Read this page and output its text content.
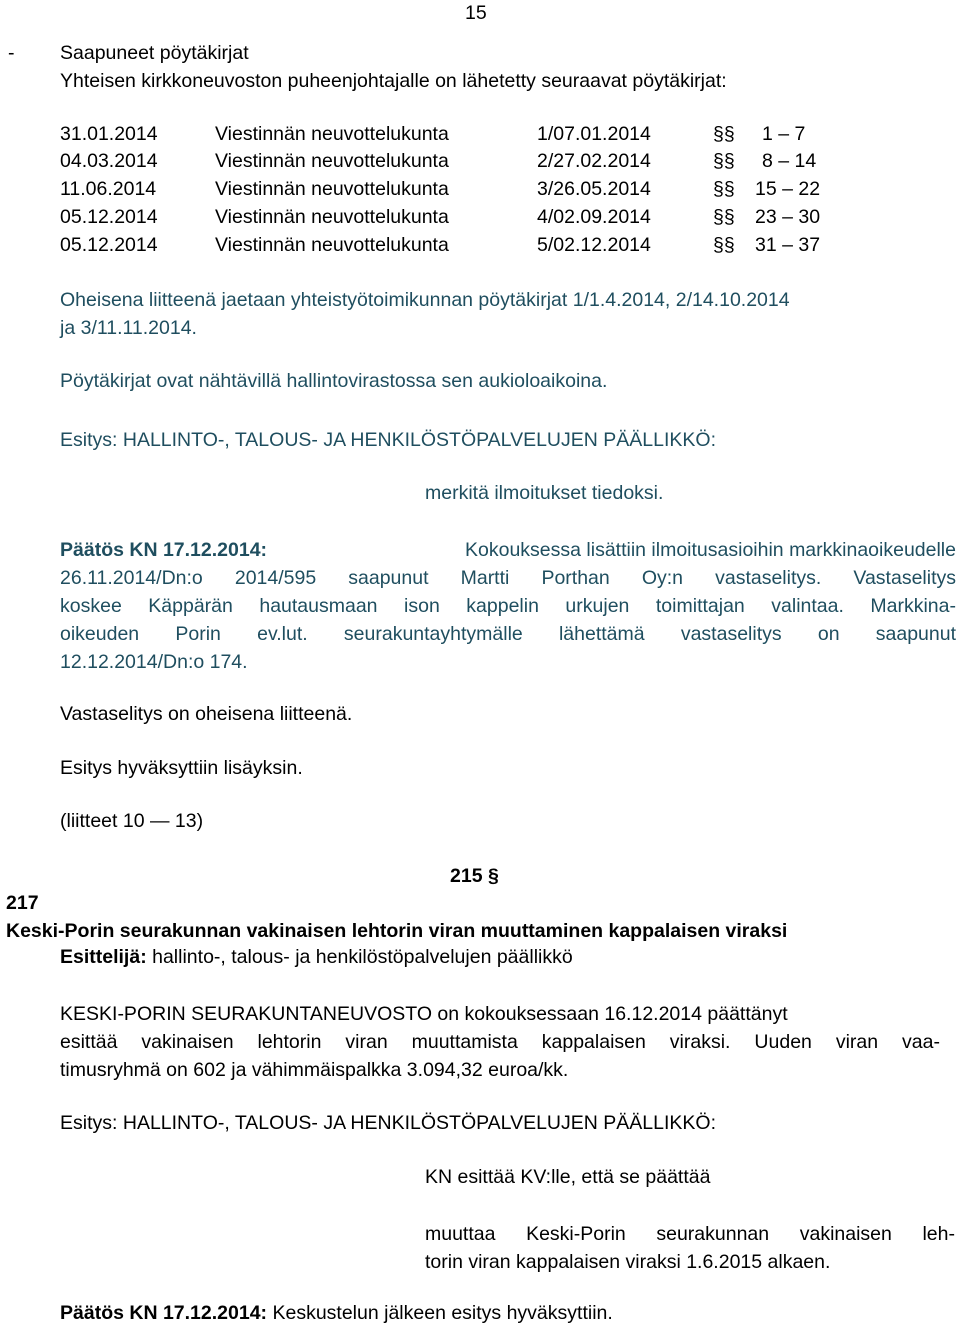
15
- Saapuneet pöytäkirjat
Yhteisen kirkkoneuvoston puheenjohtajalle on lähetetty seuraavat pöytäkirjat:
31.01.2014	Viestinnän neuvottelukunta	1/07.01.2014	§§ 1 – 7
04.03.2014	Viestinnän neuvottelukunta	2/27.02.2014	§§ 8 – 14
11.06.2014	Viestinnän neuvottelukunta	3/26.05.2014	§§ 15 – 22
05.12.2014	Viestinnän neuvottelukunta	4/02.09.2014	§§ 23 – 30
05.12.2014	Viestinnän neuvottelukunta	5/02.12.2014	§§ 31 – 37
Oheisena liitteenä jaetaan yhteistyötoimikunnan pöytäkirjat 1/1.4.2014, 2/14.10.2014
ja 3/11.11.2014.
Pöytäkirjat ovat nähtävillä hallintovirastossa sen aukioloaikoina.
Esitys: HALLINTO-, TALOUS- JA HENKILÖSTÖPALVELUJEN PÄÄLLIKKÖ:
merkitä ilmoitukset tiedoksi.
Päätös KN 17.12.2014:	Kokouksessa lisättiin ilmoitusasioihin markkinaoikeudelle
26.11.2014/Dn:o 2014/595 saapunut Martti Porthan Oy:n vastaselitys. Vastaselitys
koskee Käppärän hautausmaan ison kappelin urkujen toimittajan valintaa. Markkina-
oikeuden Porin ev.lut. seurakuntayhtymälle lähettämä vastaselitys on saapunut
12.12.2014/Dn:o 174.
Vastaselitys on oheisena liitteenä.
Esitys hyväksyttiin lisäyksin.
(liitteet 10 — 13)
215 §
217
Keski-Porin seurakunnan vakinaisen lehtorin viran muuttaminen kappalaisen viraksi
Esittelijä: hallinto-, talous- ja henkilöstöpalvelujen päällikkö
KESKI-PORIN SEURAKUNTANEUVOSTO on kokouksessaan 16.12.2014 päättänyt
esittää vakinaisen lehtorin viran muuttamista kappalaisen viraksi. Uuden viran vaa-
timusryhmä on 602 ja vähimmäispalkka 3.094,32 euroa/kk.
Esitys: HALLINTO-, TALOUS- JA HENKILÖSTÖPALVELUJEN PÄÄLLIKKÖ:
KN esittää KV:lle, että se päättää
muuttaa Keski-Porin seurakunnan vakinaisen leh-
torin viran kappalaisen viraksi 1.6.2015 alkaen.
Päätös KN 17.12.2014: Keskustelun jälkeen esitys hyväksyttiin.
